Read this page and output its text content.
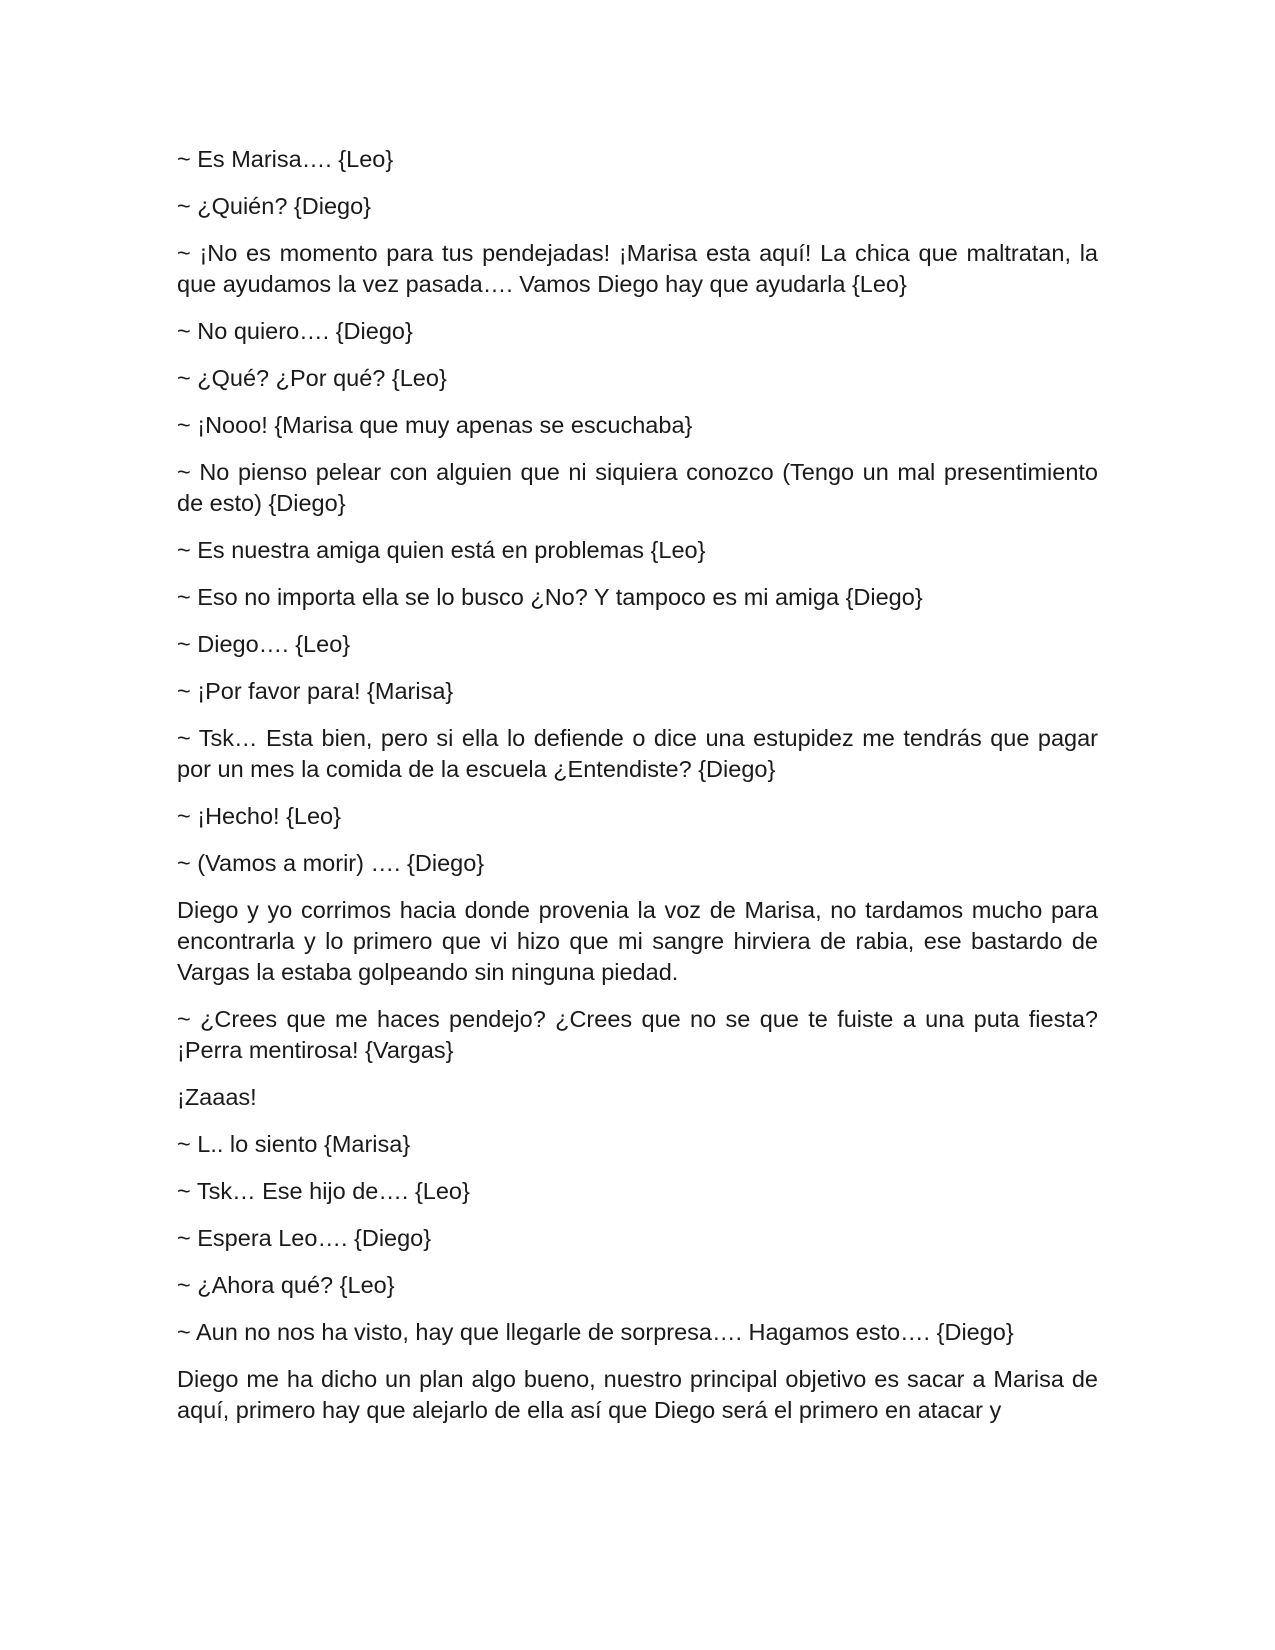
~ Es Marisa…. {Leo}

~ ¿Quién? {Diego}

~ ¡No es momento para tus pendejadas! ¡Marisa esta aquí! La chica que maltratan, la que ayudamos la vez pasada…. Vamos Diego hay que ayudarla {Leo}

~ No quiero…. {Diego}

~ ¿Qué? ¿Por qué? {Leo}

~ ¡Nooo! {Marisa que muy apenas se escuchaba}

~ No pienso pelear con alguien que ni siquiera conozco (Tengo un mal presentimiento de esto) {Diego}

~ Es nuestra amiga quien está en problemas {Leo}

~ Eso no importa ella se lo busco ¿No? Y tampoco es mi amiga {Diego}

~ Diego…. {Leo}

~ ¡Por favor para! {Marisa}

~ Tsk… Esta bien, pero si ella lo defiende o dice una estupidez me tendrás que pagar por un mes la comida de la escuela ¿Entendiste? {Diego}

~ ¡Hecho! {Leo}

~ (Vamos a morir) …. {Diego}

Diego y yo corrimos hacia donde provenia la voz de Marisa, no tardamos mucho para encontrarla y lo primero que vi hizo que mi sangre hirviera de rabia, ese bastardo de Vargas la estaba golpeando sin ninguna piedad.

~ ¿Crees que me haces pendejo? ¿Crees que no se que te fuiste a una puta fiesta? ¡Perra mentirosa! {Vargas}

¡Zaaas!

~ L.. lo siento {Marisa}

~ Tsk… Ese hijo de…. {Leo}

~ Espera Leo…. {Diego}

~ ¿Ahora qué? {Leo}

~ Aun no nos ha visto, hay que llegarle de sorpresa…. Hagamos esto…. {Diego}

Diego me ha dicho un plan algo bueno, nuestro principal objetivo es sacar a Marisa de aquí, primero hay que alejarlo de ella así que Diego será el primero en atacar y
